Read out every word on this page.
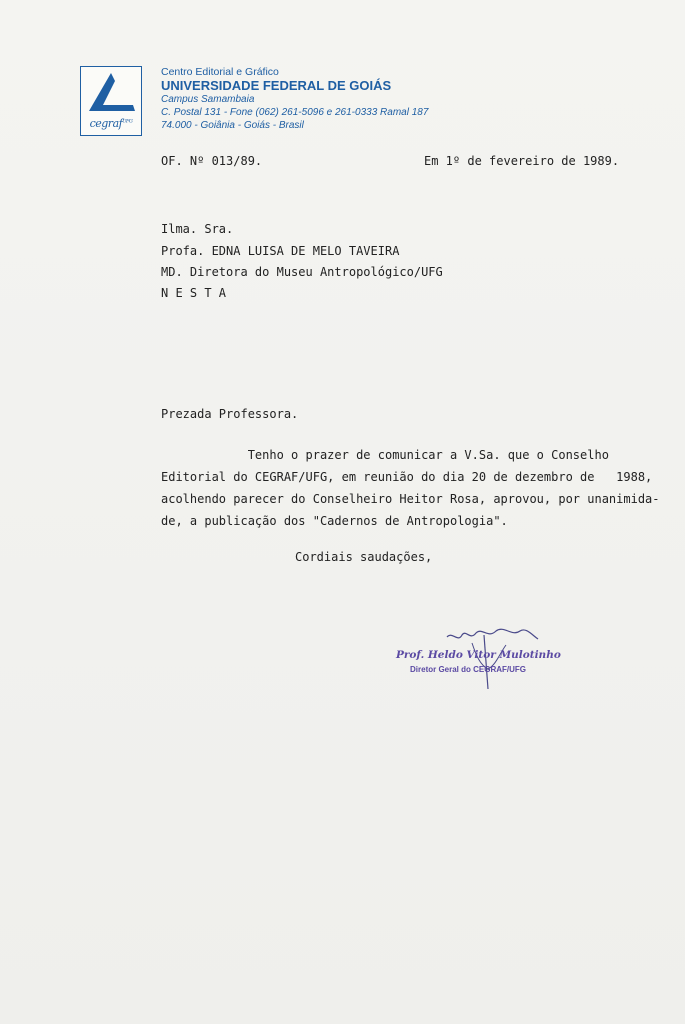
cegraf$^{UFG}$
Centro Editorial e Gráfico
UNIVERSIDADE FEDERAL DE GOIÁS
Campus Samambaia
C. Postal 131 - Fone (062) 261-5096 e 261-0333 Ramal 187
74.000 - Goiânia - Goiás - Brasil
OF. Nº 013/89.	Em 1º de fevereiro de 1989.
Ilma. Sra.
Profa. EDNA LUISA DE MELO TAVEIRA
MD. Diretora do Museu Antropológico/UFG
N E S T A
Prezada Professora.
Tenho o prazer de comunicar a V.Sa. que o Conselho
Editorial do CEGRAF/UFG, em reunião do dia 20 de dezembro de   1988,
acolhendo parecer do Conselheiro Heitor Rosa, aprovou, por unanimida-
de, a publicação dos "Cadernos de Antropologia".
Cordiais saudações,
Prof. Heldo Vitor Mulotinho
Diretor Geral do CEGRAF/UFG
